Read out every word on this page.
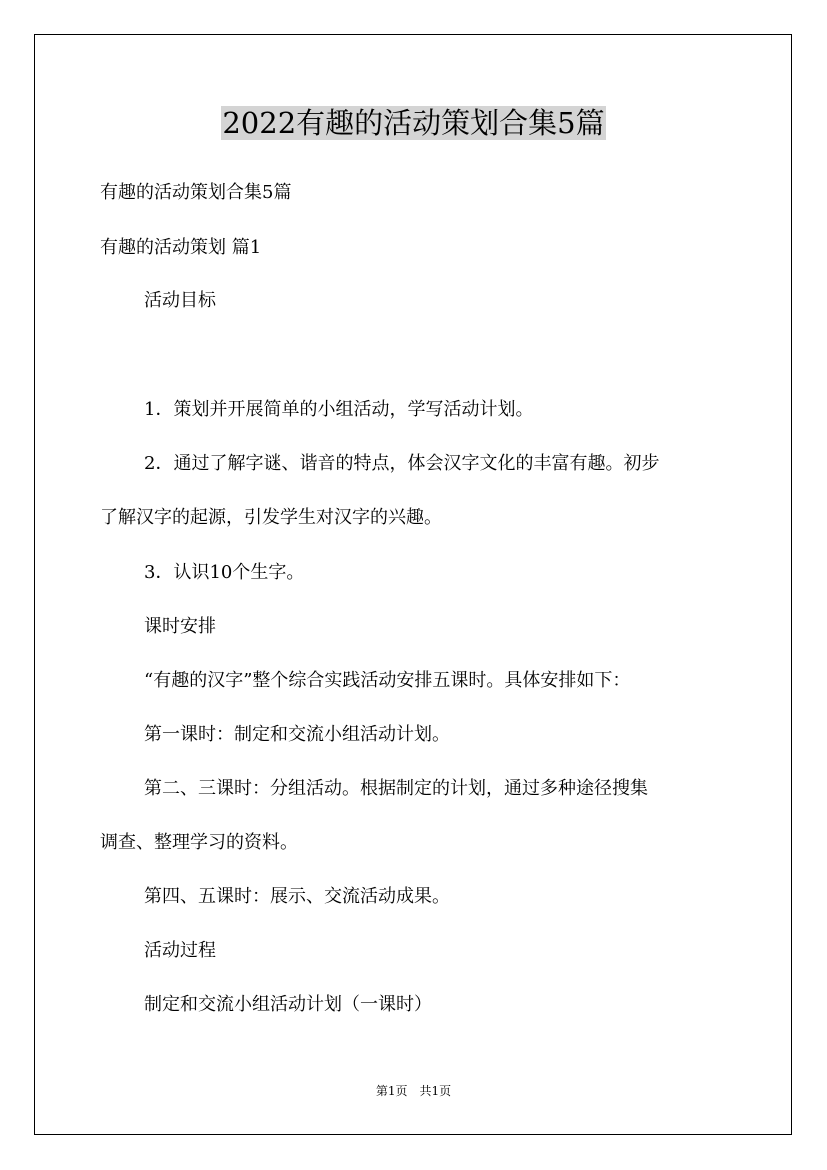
2022有趣的活动策划合集5篇

有趣的活动策划合集5篇

有趣的活动策划 篇1

活动目标

1．策划并开展简单的小组活动，学写活动计划。

2．通过了解字谜、谐音的特点，体会汉字文化的丰富有趣。初步

了解汉字的起源，引发学生对汉字的兴趣。

3．认识10个生字。

课时安排

“有趣的汉字”整个综合实践活动安排五课时。具体安排如下：

第一课时：制定和交流小组活动计划。

第二、三课时：分组活动。根据制定的计划，通过多种途径搜集

调查、整理学习的资料。

第四、五课时：展示、交流活动成果。

活动过程

制定和交流小组活动计划（一课时）

第1页　共1页
